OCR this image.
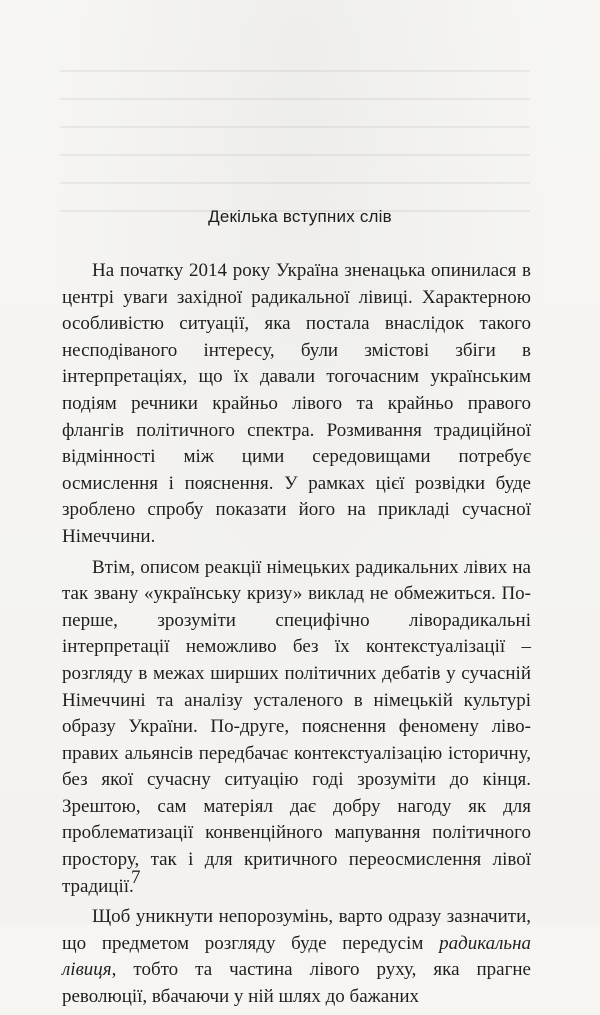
Декілька вступних слів

На початку 2014 року Україна зненацька опинилася в центрі уваги західної радикальної лівиці. Характерною особливістю ситуації, яка постала внаслідок такого несподіваного інтересу, були змістові збіги в інтерпретаціях, що їх давали тогочасним українським подіям речники крайньо лівого та крайньо правого флангів політичного спектра. Розмивання традиційної відмінності між цими середовищами потребує осмислення і пояснення. У рамках цієї розвідки буде зроблено спробу показати його на прикладі сучасної Німеччини.

Втім, описом реакції німецьких радикальних лівих на так звану «українську кризу» виклад не обмежиться. По-перше, зрозуміти специфічно ліворадикальні інтерпретації неможливо без їх контекстуалізації – розгляду в межах ширших політичних дебатів у сучасній Німеччині та аналізу усталеного в німецькій культурі образу України. По-друге, пояснення феномену ліво-правих альянсів передбачає контекстуалізацію історичну, без якої сучасну ситуацію годі зрозуміти до кінця. Зрештою, сам матеріял дає добру нагоду як для проблематизації конвенційного мапування політичного простору, так і для критичного переосмислення лівої традиції.

Щоб уникнути непорозумінь, варто одразу зазначити, що предметом розгляду буде передусім радикальна лівиця, тобто та частина лівого руху, яка прагне революції, вбачаючи у ній шлях до бажаних

7
